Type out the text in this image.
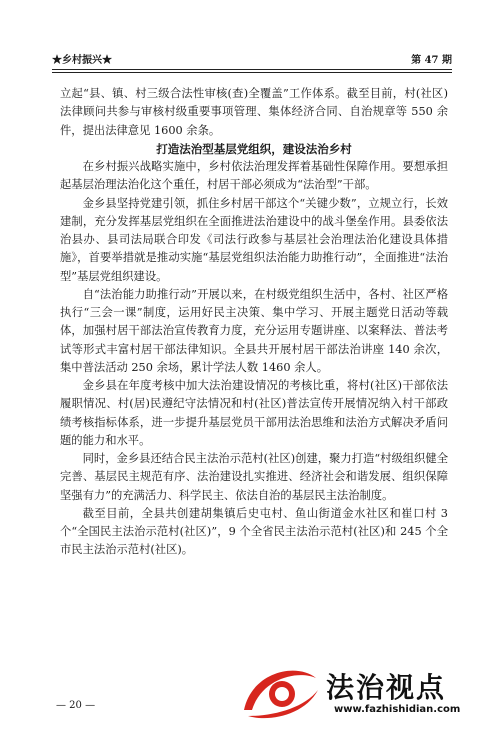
★乡村振兴★	第 47 期

立起“县、镇、村三级合法性审核(查)全覆盖”工作体系。截至目前，村(社区)法律顾问共参与审核村级重要事项管理、集体经济合同、自治规章等 550 余件，提出法律意见 1600 余条。

打造法治型基层党组织，建设法治乡村

在乡村振兴战略实施中，乡村依法治理发挥着基础性保障作用。要想承担起基层治理法治化这个重任，村居干部必须成为“法治型”干部。

金乡县坚持党建引领，抓住乡村居干部这个“关键少数”，立规立行，长效建制，充分发挥基层党组织在全面推进法治建设中的战斗堡垒作用。县委依法治县办、县司法局联合印发《司法行政参与基层社会治理法治化建设具体措施》，首要举措就是推动实施“基层党组织法治能力助推行动”，全面推进“法治型”基层党组织建设。

自“法治能力助推行动”开展以来，在村级党组织生活中，各村、社区严格执行“三会一课”制度，运用好民主决策、集中学习、开展主题党日活动等载体，加强村居干部法治宣传教育力度，充分运用专题讲座、以案释法、普法考试等形式丰富村居干部法律知识。全县共开展村居干部法治讲座 140 余次，集中普法活动 250 余场，累计学法人数 1460 余人。

金乡县在年度考核中加大法治建设情况的考核比重，将村(社区)干部依法履职情况、村(居)民遵纪守法情况和村(社区)普法宣传开展情况纳入村干部政绩考核指标体系，进一步提升基层党员干部用法治思维和法治方式解决矛盾问题的能力和水平。

同时，金乡县还结合民主法治示范村(社区)创建，聚力打造“村级组织健全完善、基层民主规范有序、法治建设扎实推进、经济社会和谐发展、组织保障坚强有力”的充满活力、科学民主、依法自治的基层民主法治制度。

截至目前，全县共创建胡集镇后史屯村、鱼山街道金水社区和崔口村 3 个“全国民主法治示范村(社区)”，9 个全省民主法治示范村(社区)和 245 个全市民主法治示范村(社区)。

— 20 —
法治视点
www.fazhishidian.com
